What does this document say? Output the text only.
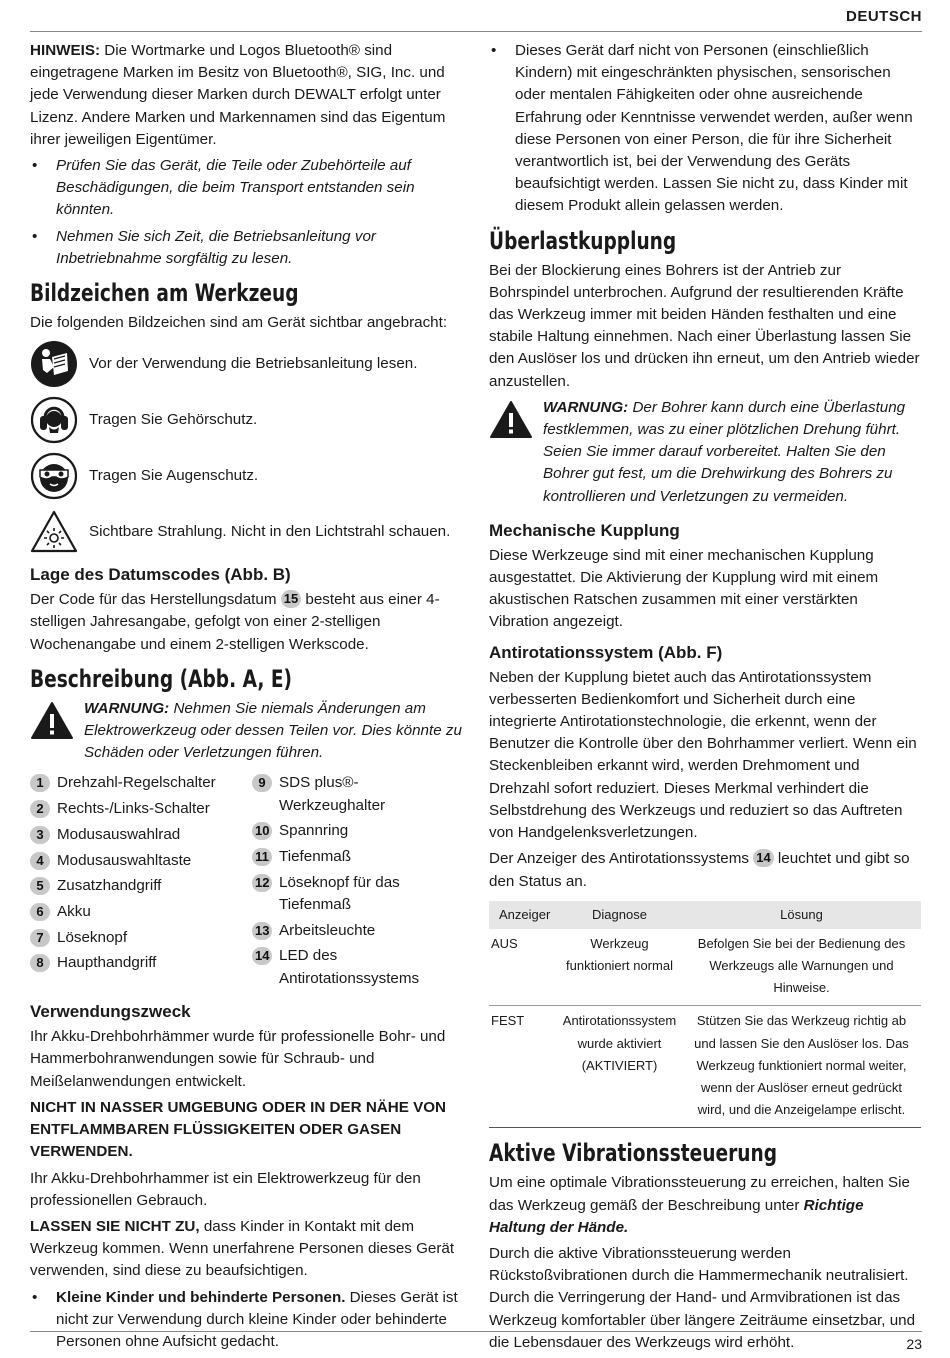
DEUTSCH

HINWEIS: Die Wortmarke und Logos Bluetooth® sind eingetragene Marken im Besitz von Bluetooth®, SIG, Inc. und jede Verwendung dieser Marken durch DEWALT erfolgt unter Lizenz. Andere Marken und Markennamen sind das Eigentum ihrer jeweiligen Eigentümer.

• Prüfen Sie das Gerät, die Teile oder Zubehörteile auf Beschädigungen, die beim Transport entstanden sein könnten.
• Nehmen Sie sich Zeit, die Betriebsanleitung vor Inbetriebnahme sorgfältig zu lesen.
Bildzeichen am Werkzeug

Die folgenden Bildzeichen sind am Gerät sichtbar angebracht:

Vor der Verwendung die Betriebsanleitung lesen.
Tragen Sie Gehörschutz.
Tragen Sie Augenschutz.
Sichtbare Strahlung. Nicht in den Lichtstrahl schauen.
Lage des Datumscodes (Abb. B)

Der Code für das Herstellungsdatum 15 besteht aus einer 4-stelligen Jahresangabe, gefolgt von einer 2-stelligen Wochenangabe und einem 2-stelligen Werkscode.

Beschreibung (Abb. A, E)

WARNUNG: Nehmen Sie niemals Änderungen am Elektrowerkzeug oder dessen Teilen vor. Dies könnte zu Schäden oder Verletzungen führen.

1 Drehzahl-Regelschalter
2 Rechts-/Links-Schalter
3 Modusauswahlrad
4 Modusauswahltaste
5 Zusatzhandgriff
6 Akku
7 Löseknopf
8 Haupthandgriff
9 SDS plus®-Werkzeughalter
10 Spannring
11 Tiefenmaß
12 Löseknopf für das Tiefenmaß
13 Arbeitsleuchte
14 LED des Antirotationssystems
Verwendungszweck

Ihr Akku-Drehbohrhämmer wurde für professionelle Bohr- und Hammerbohranwendungen sowie für Schraub- und Meißelanwendungen entwickelt.

NICHT IN NASSER UMGEBUNG ODER IN DER NÄHE VON ENTFLAMMBAREN FLÜSSIGKEITEN ODER GASEN VERWENDEN.

Ihr Akku-Drehbohrhammer ist ein Elektrowerkzeug für den professionellen Gebrauch.

LASSEN SIE NICHT ZU, dass Kinder in Kontakt mit dem Werkzeug kommen. Wenn unerfahrene Personen dieses Gerät verwenden, sind diese zu beaufsichtigen.

• Kleine Kinder und behinderte Personen. Dieses Gerät ist nicht zur Verwendung durch kleine Kinder oder behinderte Personen ohne Aufsicht gedacht.
• Dieses Gerät darf nicht von Personen (einschließlich Kindern) mit eingeschränkten physischen, sensorischen oder mentalen Fähigkeiten oder ohne ausreichende Erfahrung oder Kenntnisse verwendet werden, außer wenn diese Personen von einer Person, die für ihre Sicherheit verantwortlich ist, bei der Verwendung des Geräts beaufsichtigt werden. Lassen Sie nicht zu, dass Kinder mit diesem Produkt allein gelassen werden.
Überlastkupplung

Bei der Blockierung eines Bohrers ist der Antrieb zur Bohrspindel unterbrochen. Aufgrund der resultierenden Kräfte das Werkzeug immer mit beiden Händen festhalten und eine stabile Haltung einnehmen. Nach einer Überlastung lassen Sie den Auslöser los und drücken ihn erneut, um den Antrieb wieder anzustellen.

WARNUNG: Der Bohrer kann durch eine Überlastung festklemmen, was zu einer plötzlichen Drehung führt. Seien Sie immer darauf vorbereitet. Halten Sie den Bohrer gut fest, um die Drehwirkung des Bohrers zu kontrollieren und Verletzungen zu vermeiden.

Mechanische Kupplung

Diese Werkzeuge sind mit einer mechanischen Kupplung ausgestattet. Die Aktivierung der Kupplung wird mit einem akustischen Ratschen zusammen mit einer verstärkten Vibration angezeigt.

Antirotationssystem (Abb. F)

Neben der Kupplung bietet auch das Antirotationssystem verbesserten Bedienkomfort und Sicherheit durch eine integrierte Antirotationstechnologie, die erkennt, wenn der Benutzer die Kontrolle über den Bohrhammer verliert. Wenn ein Steckenbleiben erkannt wird, werden Drehmoment und Drehzahl sofort reduziert. Dieses Merkmal verhindert die Selbstdrehung des Werkzeugs und reduziert so das Auftreten von Handgelenksverletzungen.

Der Anzeiger des Antirotationssystems 14 leuchtet und gibt so den Status an.

Anzeiger	Diagnose	Lösung
AUS	Werkzeug funktioniert normal	Befolgen Sie bei der Bedienung des Werkzeugs alle Warnungen und Hinweise.
FEST	Antirotationssystem wurde aktiviert (AKTIVIERT)	Stützen Sie das Werkzeug richtig ab und lassen Sie den Auslöser los. Das Werkzeug funktioniert normal weiter, wenn der Auslöser erneut gedrückt wird, und die Anzeigelampe erlischt.
Aktive Vibrationssteuerung

Um eine optimale Vibrationssteuerung zu erreichen, halten Sie das Werkzeug gemäß der Beschreibung unter Richtige Haltung der Hände.

Durch die aktive Vibrationssteuerung werden Rückstoßvibrationen durch die Hammermechanik neutralisiert. Durch die Verringerung der Hand- und Armvibrationen ist das Werkzeug komfortabler über längere Zeiträume einsetzbar, und die Lebensdauer des Werkzeugs wird erhöht.	23
